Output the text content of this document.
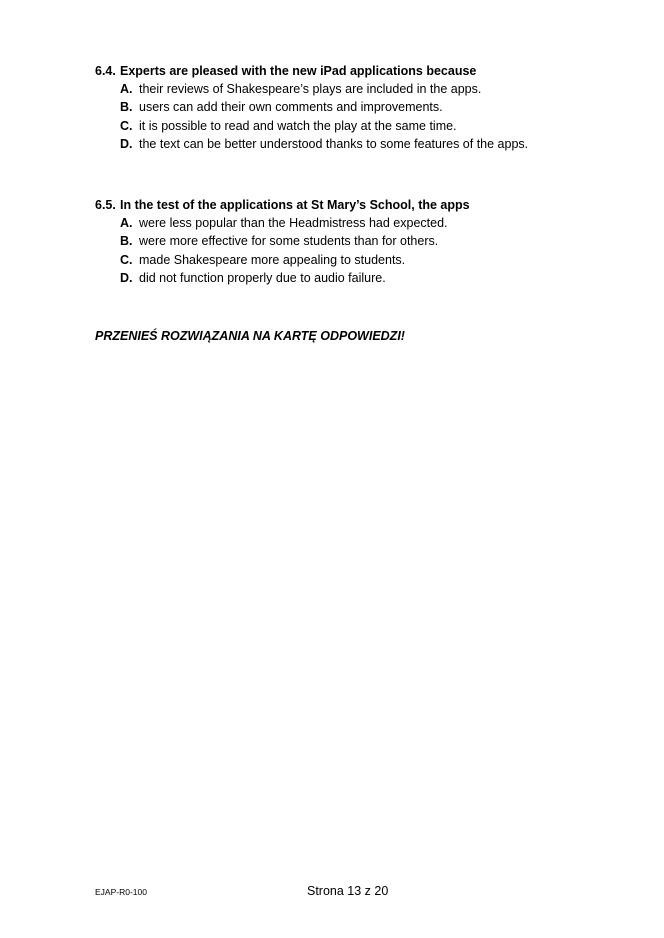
6.4. Experts are pleased with the new iPad applications because
A. their reviews of Shakespeare’s plays are included in the apps.
B. users can add their own comments and improvements.
C. it is possible to read and watch the play at the same time.
D. the text can be better understood thanks to some features of the apps.
6.5. In the test of the applications at St Mary’s School, the apps
A. were less popular than the Headmistress had expected.
B. were more effective for some students than for others.
C. made Shakespeare more appealing to students.
D. did not function properly due to audio failure.
PRZENIEŚ ROZWIĄZANIA NA KARTĘ ODPOWIEDZI!
EJAP-R0-100	Strona 13 z 20
